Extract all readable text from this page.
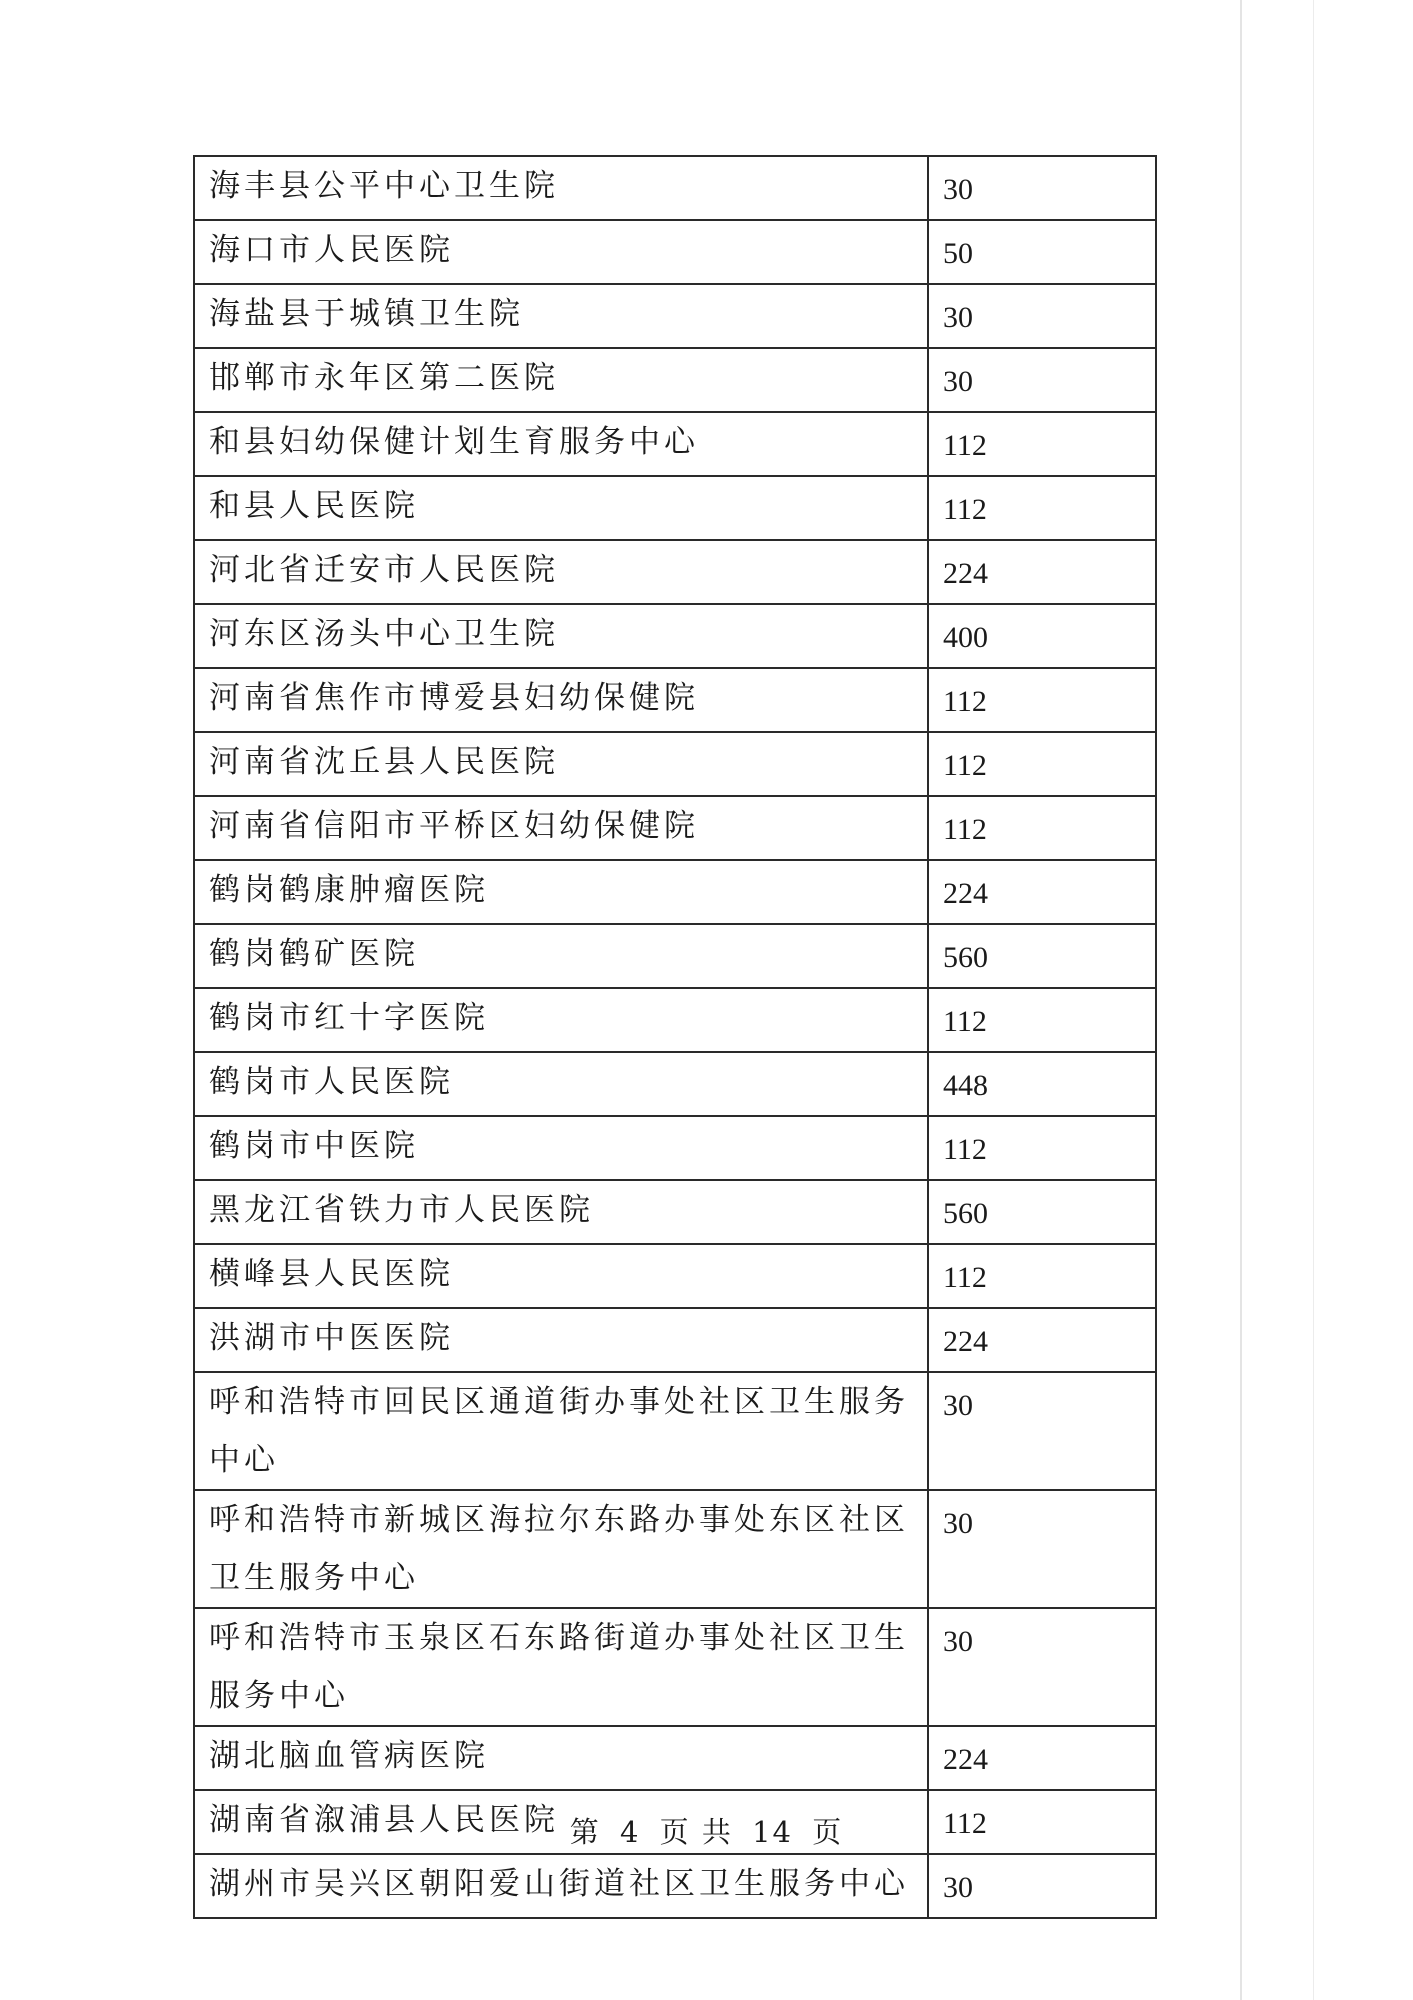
海丰县公平中心卫生院	30
海口市人民医院	50
海盐县于城镇卫生院	30
邯郸市永年区第二医院	30
和县妇幼保健计划生育服务中心	112
和县人民医院	112
河北省迁安市人民医院	224
河东区汤头中心卫生院	400
河南省焦作市博爱县妇幼保健院	112
河南省沈丘县人民医院	112
河南省信阳市平桥区妇幼保健院	112
鹤岗鹤康肿瘤医院	224
鹤岗鹤矿医院	560
鹤岗市红十字医院	112
鹤岗市人民医院	448
鹤岗市中医院	112
黑龙江省铁力市人民医院	560
横峰县人民医院	112
洪湖市中医医院	224
呼和浩特市回民区通道街办事处社区卫生服务中心	30
呼和浩特市新城区海拉尔东路办事处东区社区卫生服务中心	30
呼和浩特市玉泉区石东路街道办事处社区卫生服务中心	30
湖北脑血管病医院	224
湖南省溆浦县人民医院	112
湖州市吴兴区朝阳爱山街道社区卫生服务中心	30
第 4 页 共 14 页
